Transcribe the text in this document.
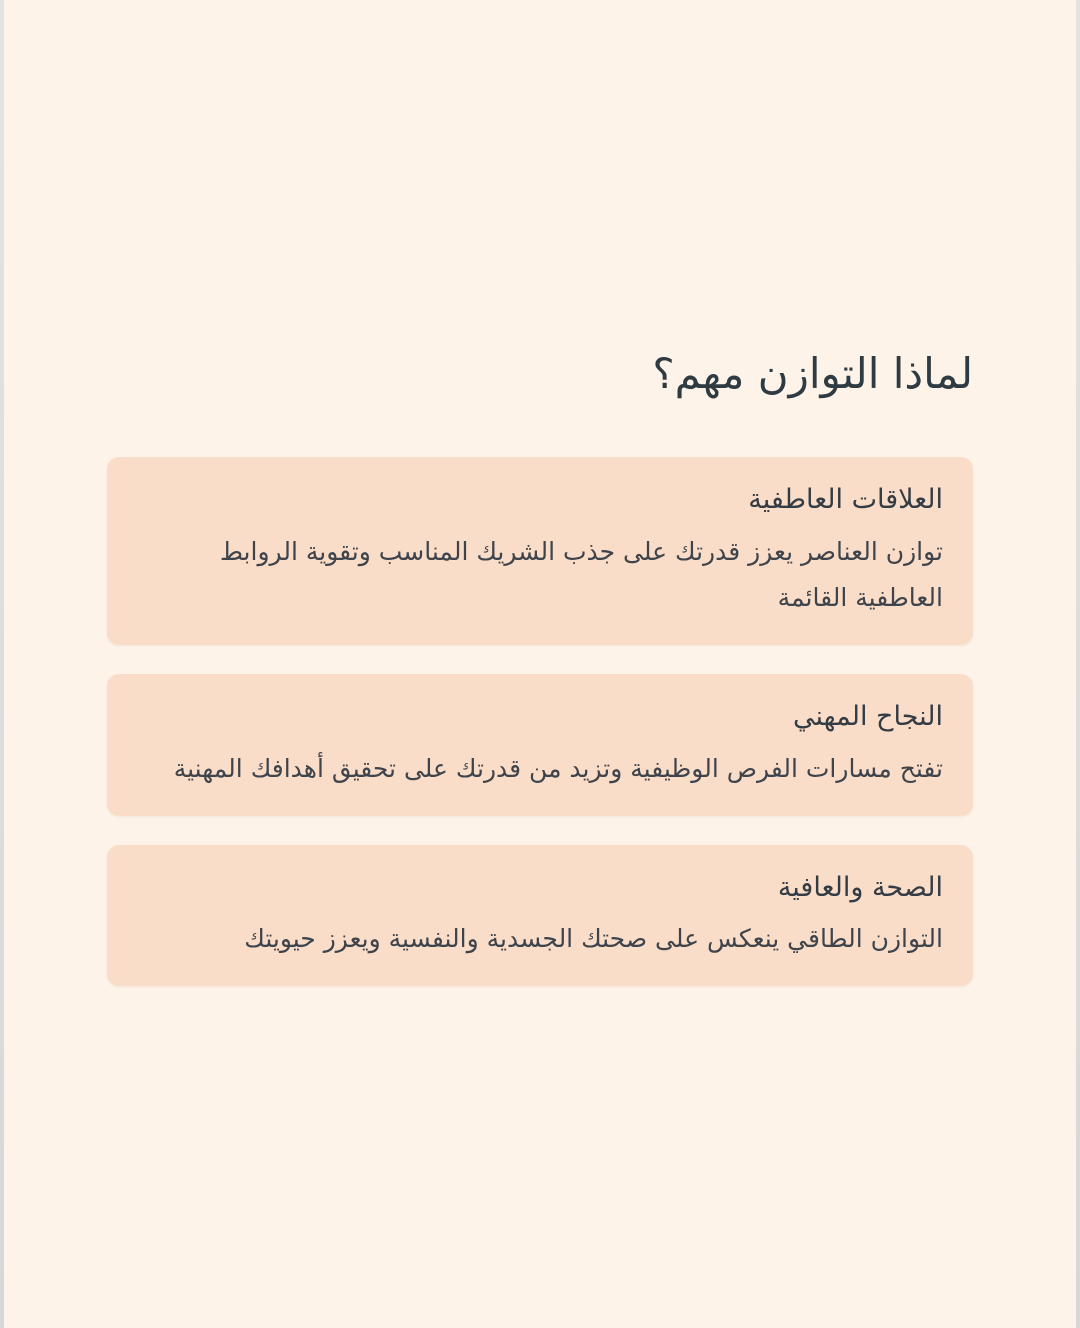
لماذا التوازن مهم؟
العلاقات العاطفية

توازن العناصر يعزز قدرتك على جذب الشريك المناسب وتقوية الروابط العاطفية القائمة

النجاح المهني

تفتح مسارات الفرص الوظيفية وتزيد من قدرتك على تحقيق أهدافك المهنية

الصحة والعافية

التوازن الطاقي ينعكس على صحتك الجسدية والنفسية ويعزز حيويتك
